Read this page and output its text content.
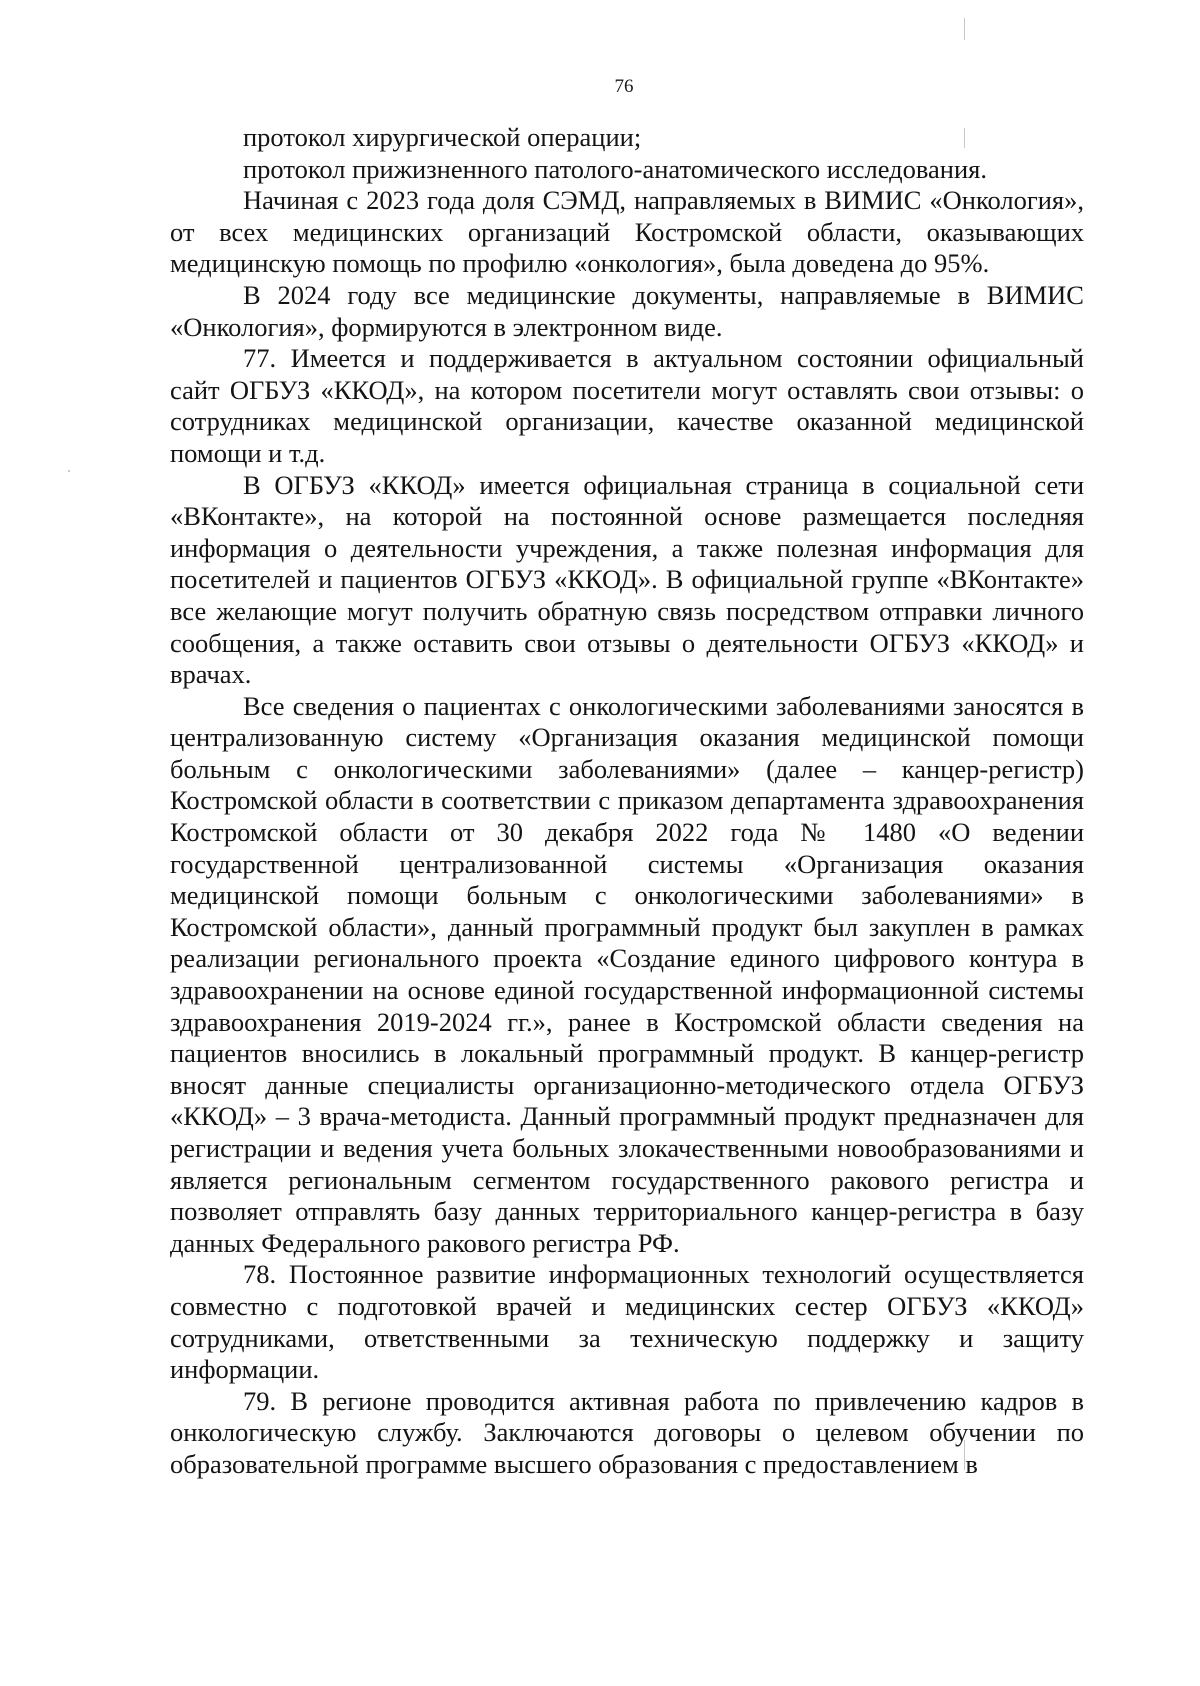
76

протокол хирургической операции;

протокол прижизненного патолого-анатомического исследования.

Начиная с 2023 года доля СЭМД, направляемых в ВИМИС «Онкология», от всех медицинских организаций Костромской области, оказывающих медицинскую помощь по профилю «онкология», была доведена до 95%.

В 2024 году все медицинские документы, направляемые в ВИМИС «Онкология», формируются в электронном виде.

77. Имеется и поддерживается в актуальном состоянии официальный сайт ОГБУЗ «ККОД», на котором посетители могут оставлять свои отзывы: о сотрудниках медицинской организации, качестве оказанной медицинской помощи и т.д.

В ОГБУЗ «ККОД» имеется официальная страница в социальной сети «ВКонтакте», на которой на постоянной основе размещается последняя информация о деятельности учреждения, а также полезная информация для посетителей и пациентов ОГБУЗ «ККОД». В официальной группе «ВКонтакте» все желающие могут получить обратную связь посредством отправки личного сообщения, а также оставить свои отзывы о деятельности ОГБУЗ «ККОД» и врачах.

Все сведения о пациентах с онкологическими заболеваниями заносятся в централизованную систему «Организация оказания медицинской помощи больным с онкологическими заболеваниями» (далее – канцер-регистр) Костромской области в соответствии с приказом департамента здравоохранения Костромской области от 30 декабря 2022 года № 1480 «О ведении государственной централизованной системы «Организация оказания медицинской помощи больным с онкологическими заболеваниями» в Костромской области», данный программный продукт был закуплен в рамках реализации регионального проекта «Создание единого цифрового контура в здравоохранении на основе единой государственной информационной системы здравоохранения 2019-2024 гг.», ранее в Костромской области сведения на пациентов вносились в локальный программный продукт. В канцер-регистр вносят данные специалисты организационно-методического отдела ОГБУЗ «ККОД» – 3 врача-методиста. Данный программный продукт предназначен для регистрации и ведения учета больных злокачественными новообразованиями и является региональным сегментом государственного ракового регистра и позволяет отправлять базу данных территориального канцер-регистра в базу данных Федерального ракового регистра РФ.

78. Постоянное развитие информационных технологий осуществляется совместно с подготовкой врачей и медицинских сестер ОГБУЗ «ККОД» сотрудниками, ответственными за техническую поддержку и защиту информации.

79. В регионе проводится активная работа по привлечению кадров в онкологическую службу. Заключаются договоры о целевом обучении по образовательной программе высшего образования с предоставлением в
